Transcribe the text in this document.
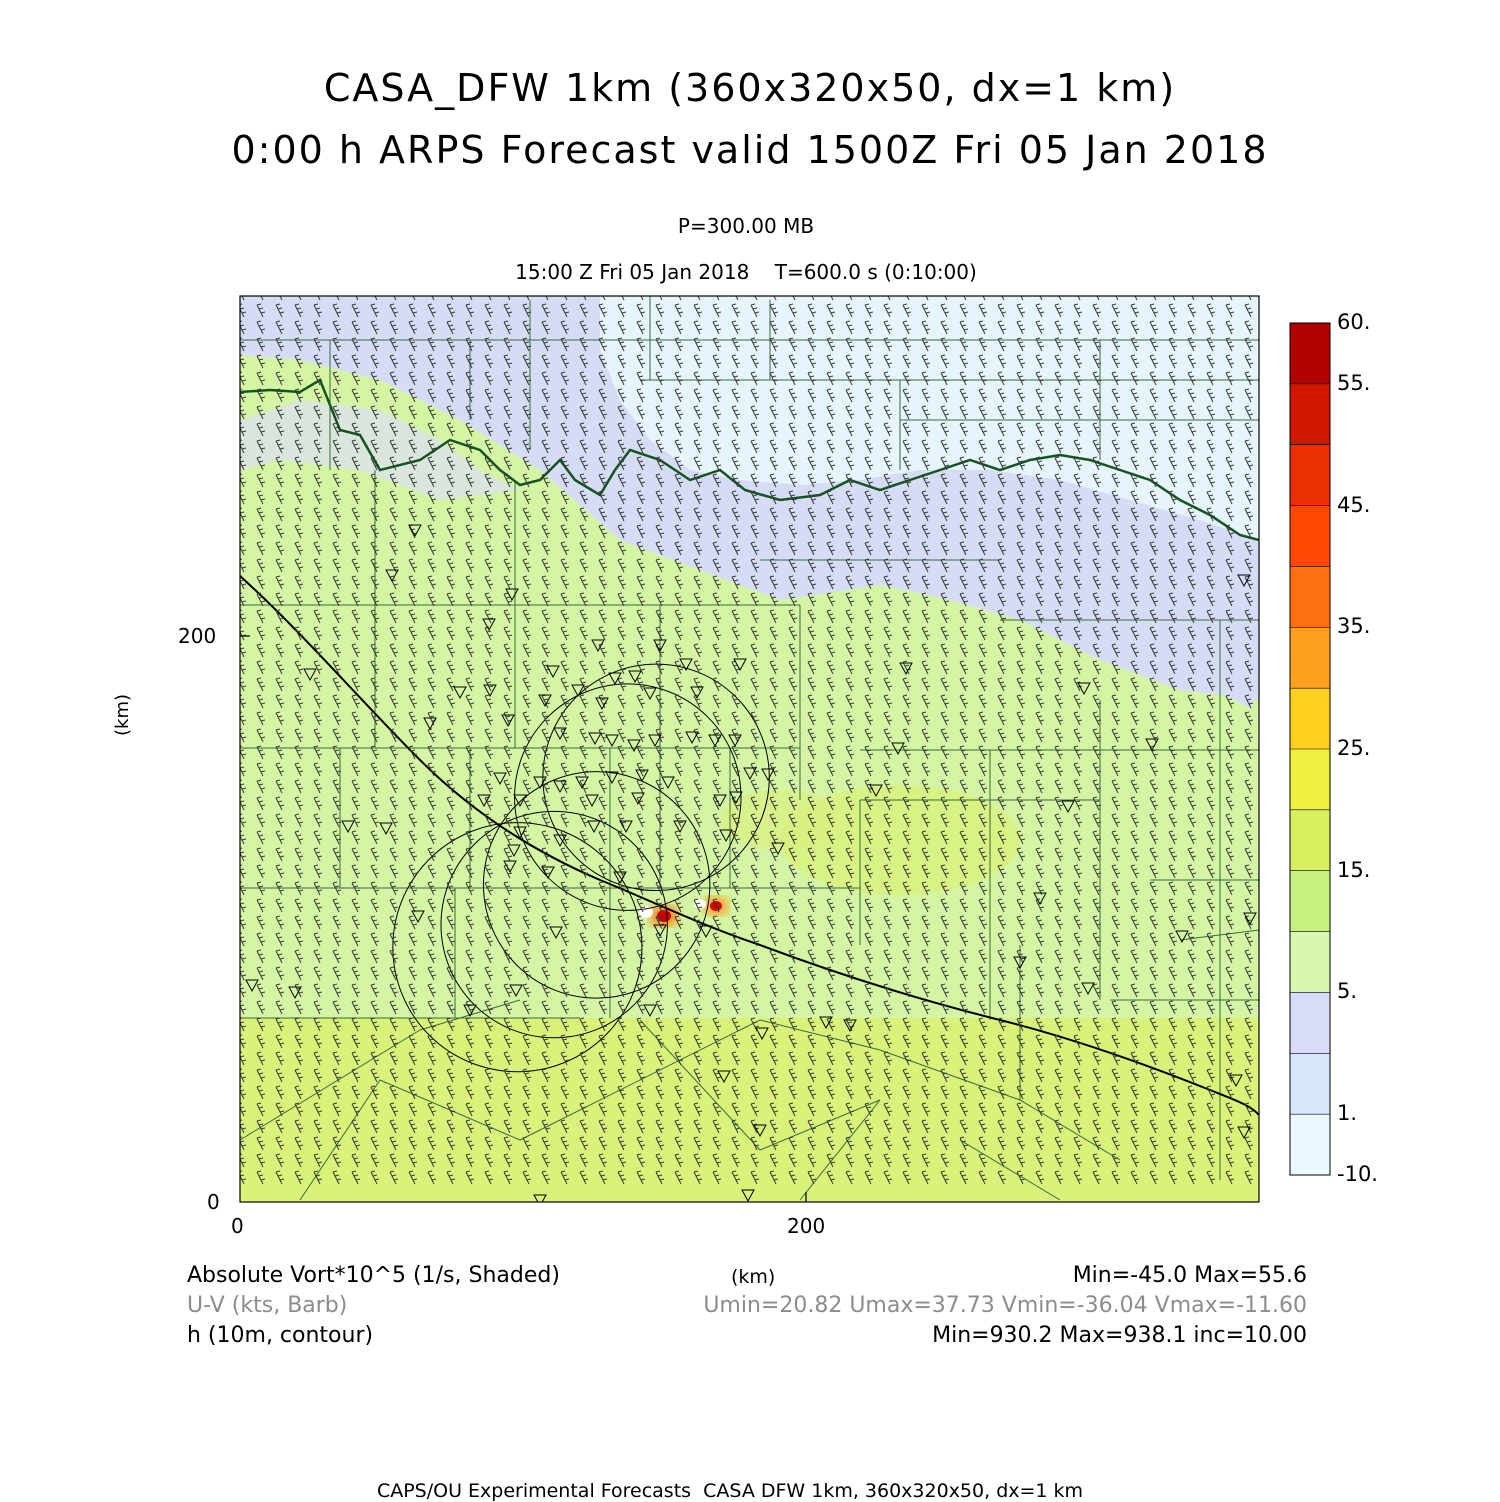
CASA_DFW 1km (360x320x50, dx=1 km)
0:00 h ARPS Forecast valid 1500Z Fri 05 Jan 2018
P=300.00 MB
15:00 Z Fri 05 Jan 2018    T=600.0 s (0:10:00)
0
200
0	200
(km)
60.
55.
45.
35.
25.
15.
5.
1.
-10.
Absolute Vort*10^5 (1/s, Shaded)	(km)	Min=-45.0 Max=55.6
U-V (kts, Barb)	Umin=20.82 Umax=37.73 Vmin=-36.04 Vmax=-11.60
h (10m, contour)	Min=930.2 Max=938.1 inc=10.00
CAPS/OU Experimental Forecasts  CASA DFW 1km, 360x320x50, dx=1 km
